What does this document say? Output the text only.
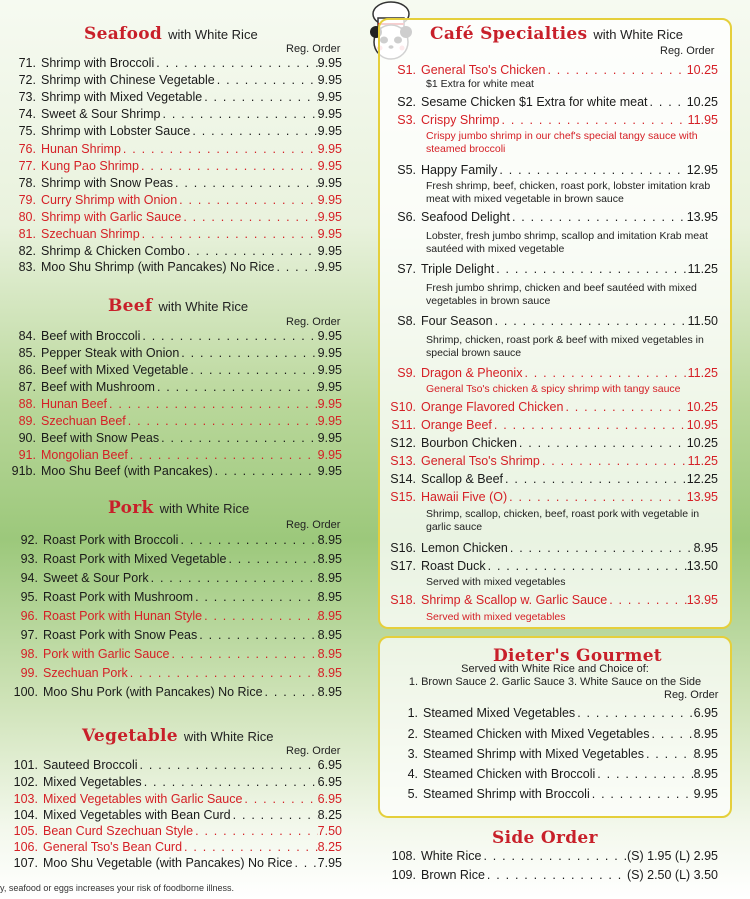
Seafood with White Rice
Reg. Order
71. Shrimp with Broccoli . . .	9.95
72. Shrimp with Chinese Vegetable . . .	9.95
73. Shrimp with Mixed Vegetable . . .	9.95
74. Sweet & Sour Shrimp . . .	9.95
75. Shrimp with Lobster Sauce . . .	9.95
76. Hunan Shrimp . . .	9.95
77. Kung Pao Shrimp . . .	9.95
78. Shrimp with Snow Peas . . .	9.95
79. Curry Shrimp with Onion . . .	9.95
80. Shrimp with Garlic Sauce . . .	9.95
81. Szechuan Shrimp . . .	9.95
82. Shrimp & Chicken Combo . . .	9.95
83. Moo Shu Shrimp (with Pancakes) No Rice . . .	9.95
Beef with White Rice
Reg. Order
84. Beef with Broccoli . . .	9.95
85. Pepper Steak with Onion . . .	9.95
86. Beef with Mixed Vegetable . . .	9.95
87. Beef with Mushroom . . .	9.95
88. Hunan Beef . . .	9.95
89. Szechuan Beef . . .	9.95
90. Beef with Snow Peas . . .	9.95
91. Mongolian Beef . . .	9.95
91b. Moo Shu Beef (with Pancakes) . . .	9.95
Pork with White Rice
Reg. Order
92. Roast Pork with Broccoli . . .	8.95
93. Roast Pork with Mixed Vegetable . . .	8.95
94. Sweet & Sour Pork . . .	8.95
95. Roast Pork with Mushroom . . .	8.95
96. Roast Pork with Hunan Style . . .	8.95
97. Roast Pork with Snow Peas . . .	8.95
98. Pork with Garlic Sauce . . .	8.95
99. Szechuan Pork . . .	8.95
100. Moo Shu Pork (with Pancakes) No Rice . . .	8.95
Vegetable with White Rice
Reg. Order
101. Sauteed Broccoli . . .	6.95
102. Mixed Vegetables . . .	6.95
103. Mixed Vegetables with Garlic Sauce . . .	6.95
104. Mixed Vegetables with Bean Curd . . .	8.25
105. Bean Curd Szechuan Style . . .	7.50
106. General Tso's Bean Curd . . .	8.25
107. Moo Shu Vegetable (with Pancakes) No Rice . . . 7.95
Café Specialties with White Rice
Reg. Order
S1. General Tso's Chicken . . .	10.25
$1 Extra for white meat
S2. Sesame Chicken $1 Extra for white meat . . .	10.25
S3. Crispy Shrimp . . .	11.95
Crispy jumbo shrimp in our chef's special tangy sauce with steamed broccoli
S5. Happy Family . . .	12.95
Fresh shrimp, beef, chicken, roast pork, lobster imitation krab meat with mixed vegetable in brown sauce
S6. Seafood Delight . . .	13.95
Lobster, fresh jumbo shrimp, scallop and imitation Krab meat sautéed with mixed vegetable
S7. Triple Delight . . .	11.25
Fresh jumbo shrimp, chicken and beef sautéed with mixed vegetables in brown sauce
S8. Four Season . . .	11.50
Shrimp, chicken, roast pork & beef with mixed vegetables in special brown sauce
S9. Dragon & Pheonix . . .	11.25
General Tso's chicken & spicy shrimp with tangy sauce
S10. Orange Flavored Chicken . . .	10.25
S11. Orange Beef . . .	10.95
S12. Bourbon Chicken . . .	10.25
S13. General Tso's Shrimp . . .	11.25
S14. Scallop & Beef . . .	12.25
S15. Hawaii Five (O) . . .	13.95
Shrimp, scallop, chicken, beef, roast pork with vegetable in garlic sauce
S16. Lemon Chicken . . .	8.95
S17. Roast Duck . . .	13.50
Served with mixed vegetables
S18. Shrimp & Scallop w. Garlic Sauce . . .	13.95
Served with mixed vegetables
Dieter's Gourmet
Served with White Rice and Choice of:
1. Brown Sauce 2. Garlic Sauce 3. White Sauce on the Side
Reg. Order
1. Steamed Mixed Vegetables . . .	6.95
2. Steamed Chicken with Mixed Vegetables . . .	8.95
3. Steamed Shrimp with Mixed Vegetables . . .	8.95
4. Steamed Chicken with Broccoli . . .	8.95
5. Steamed Shrimp with Broccoli . . .	9.95
Side Order
108. White Rice . . .	(S) 1.95 (L) 2.95
109. Brown Rice . . .	(S) 2.50 (L) 3.50
y, seafood or eggs increases your risk of foodborne illness.
